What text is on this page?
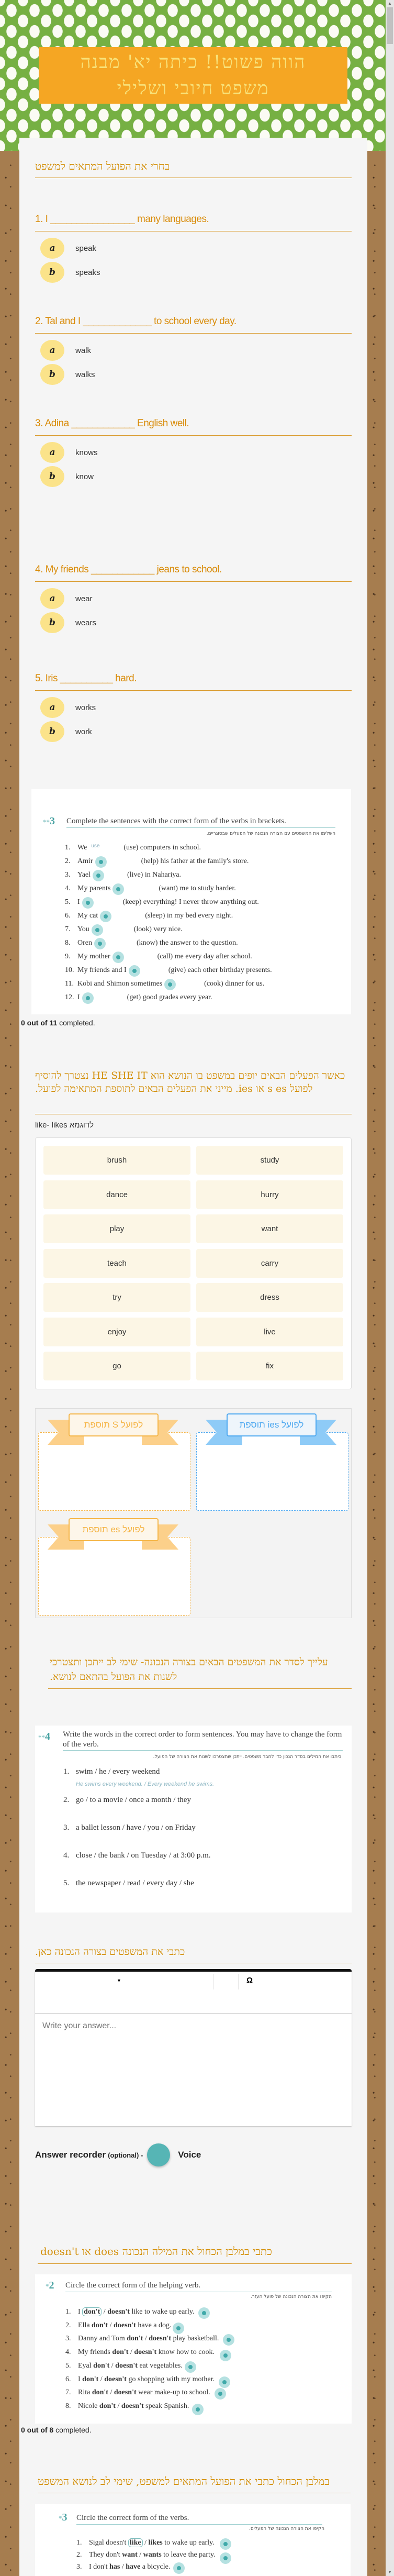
הווה פשוט!! כיתה יא' מבנה
משפט חיובי ושלילי
▲
▼
בחרי את הפועל המתאים למשפט
1. I ________________ many languages.
a	speak
b	speaks
2. Tal and I _____________ to school every day.
a	walk
b	walks
3. Adina ____________ English well.
a	knows
b	know
4. My friends ____________ jeans to school.
a	wear
b	wears
5. Iris __________ hard.
a	works
b	work
**3 Complete the sentences with the correct form of the verbs in brackets.
השלימו את המשפטים עם הצורה הנכונה של הפעלים שבסוגריים.
1. We use	(use) computers in school.
2. Amir	(help) his father at the family's store.
3. Yael	(live) in Nahariya.
4. My parents	(want) me to study harder.
5. I	(keep) everything! I never throw anything out.
6. My cat	(sleep) in my bed every night.
7. You	(look) very nice.
8. Oren	(know) the answer to the question.
9. My mother	(call) me every day after school.
10. My friends and I	(give) each other birthday presents.
11. Kobi and Shimon sometimes	(cook) dinner for us.
12. I	(get) good grades every year.
0 out of 11 completed.
כאשר הפעלים הבאים יופים במשפט בו הנושא הוא HE SHE IT נצטרך להוסיף לפועל s es או ies. מייני את הפעלים הבאים לתוספת המתאימה לפועל.
like- likes לדוגמא
brush	study
dance	hurry
play	want
teach	carry
try	dress
enjoy	live
go	fix
לפועל S תוספת	לפועל ies תוספת
לפועל es תוספת
עלייך לסדר את המשפטים הבאים בצורה הנכונה- שימי לב ייתכן ותצטרכי לשנות את הפועל בהתאם לנושא.
**4 Write the words in the correct order to form sentences. You may have to change the form of the verb.
כיתבו את המילים בסדר הנכון כדי לחבר משפטים. ייתכן שתצטרכו לשנות את הצורה של הפועל.
1. swim / he / every weekend
2. go / to a movie / once a month / they
3. a ballet lesson / have / you / on Friday
4. close / the bank / on Tuesday / at 3:00 p.m.
5. the newspaper / read / every day / she
He swims every weekend. / Every weekend he swims.
כתבי את המשפטים בצורה הנכונה כאן.
▼	Ω
Write your answer...
Answer recorder (optional) -	Voice
כתבי במלבן הכחול את המילה הנכונה does או doesn't
*2 Circle the correct form of the helping verb.
הקיפו את הצורה הנכונה של פועל העזר.
1. I don't / doesn't like to wake up early.
2. Ella don't / doesn't have a dog.
3. Danny and Tom don't / doesn't play basketball.
4. My friends don't / doesn't know how to cook.
5. Eyal don't / doesn't eat vegetables.
6. I don't / doesn't go shopping with my mother.
7. Rita don't / doesn't wear make-up to school.
8. Nicole don't / doesn't speak Spanish.
0 out of 8 completed.
במלבן הכחול כתבי את הפועל המתאים למשפט, שימי לב לנושא המשפט
*3 Circle the correct form of the verbs.
הקיפו את הצורה הנכונה של הפעלים.
1. Sigal doesn't like / likes to wake up early.
2. They don't want / wants to leave the party.
3. I don't has / have a bicycle.
